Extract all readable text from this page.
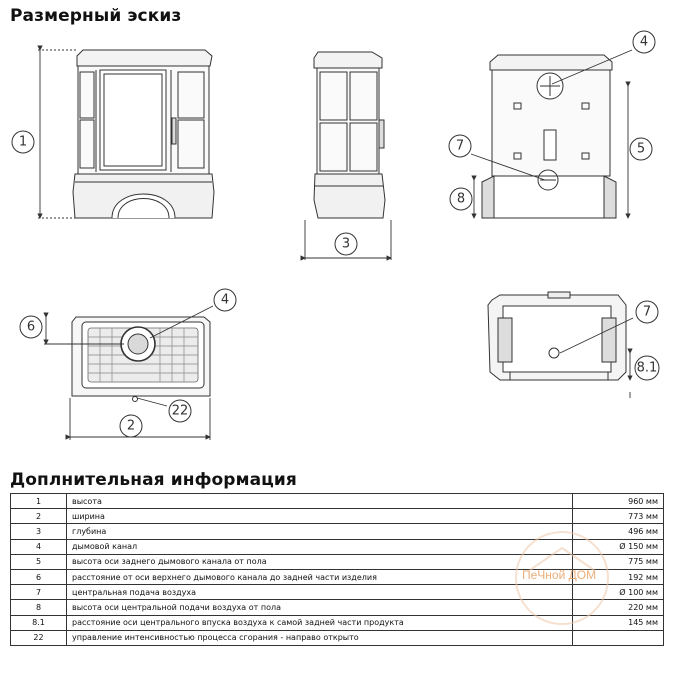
Размерный эскиз
1
3
4
5
7
8
4
6
2
22
7
8.1
Доплнительная информация
1	высота	960 мм
2	ширина	773 мм
3	глубина	496 мм
4	дымовой канал	Ø 150 мм
5	высота оси заднего дымового канала от пола	775 мм
6	расстояние от оси верхнего дымового канала до задней части изделия	192 мм
7	центральная подача воздуха	Ø 100 мм
8	высота оси центральной подачи воздуха от пола	220 мм
8.1	расстояние оси центрального впуска воздуха к самой задней части продукта	145 мм
22	управление интенсивностью процесса сгорания - направо открыто	
ПеЧной ДОМ
